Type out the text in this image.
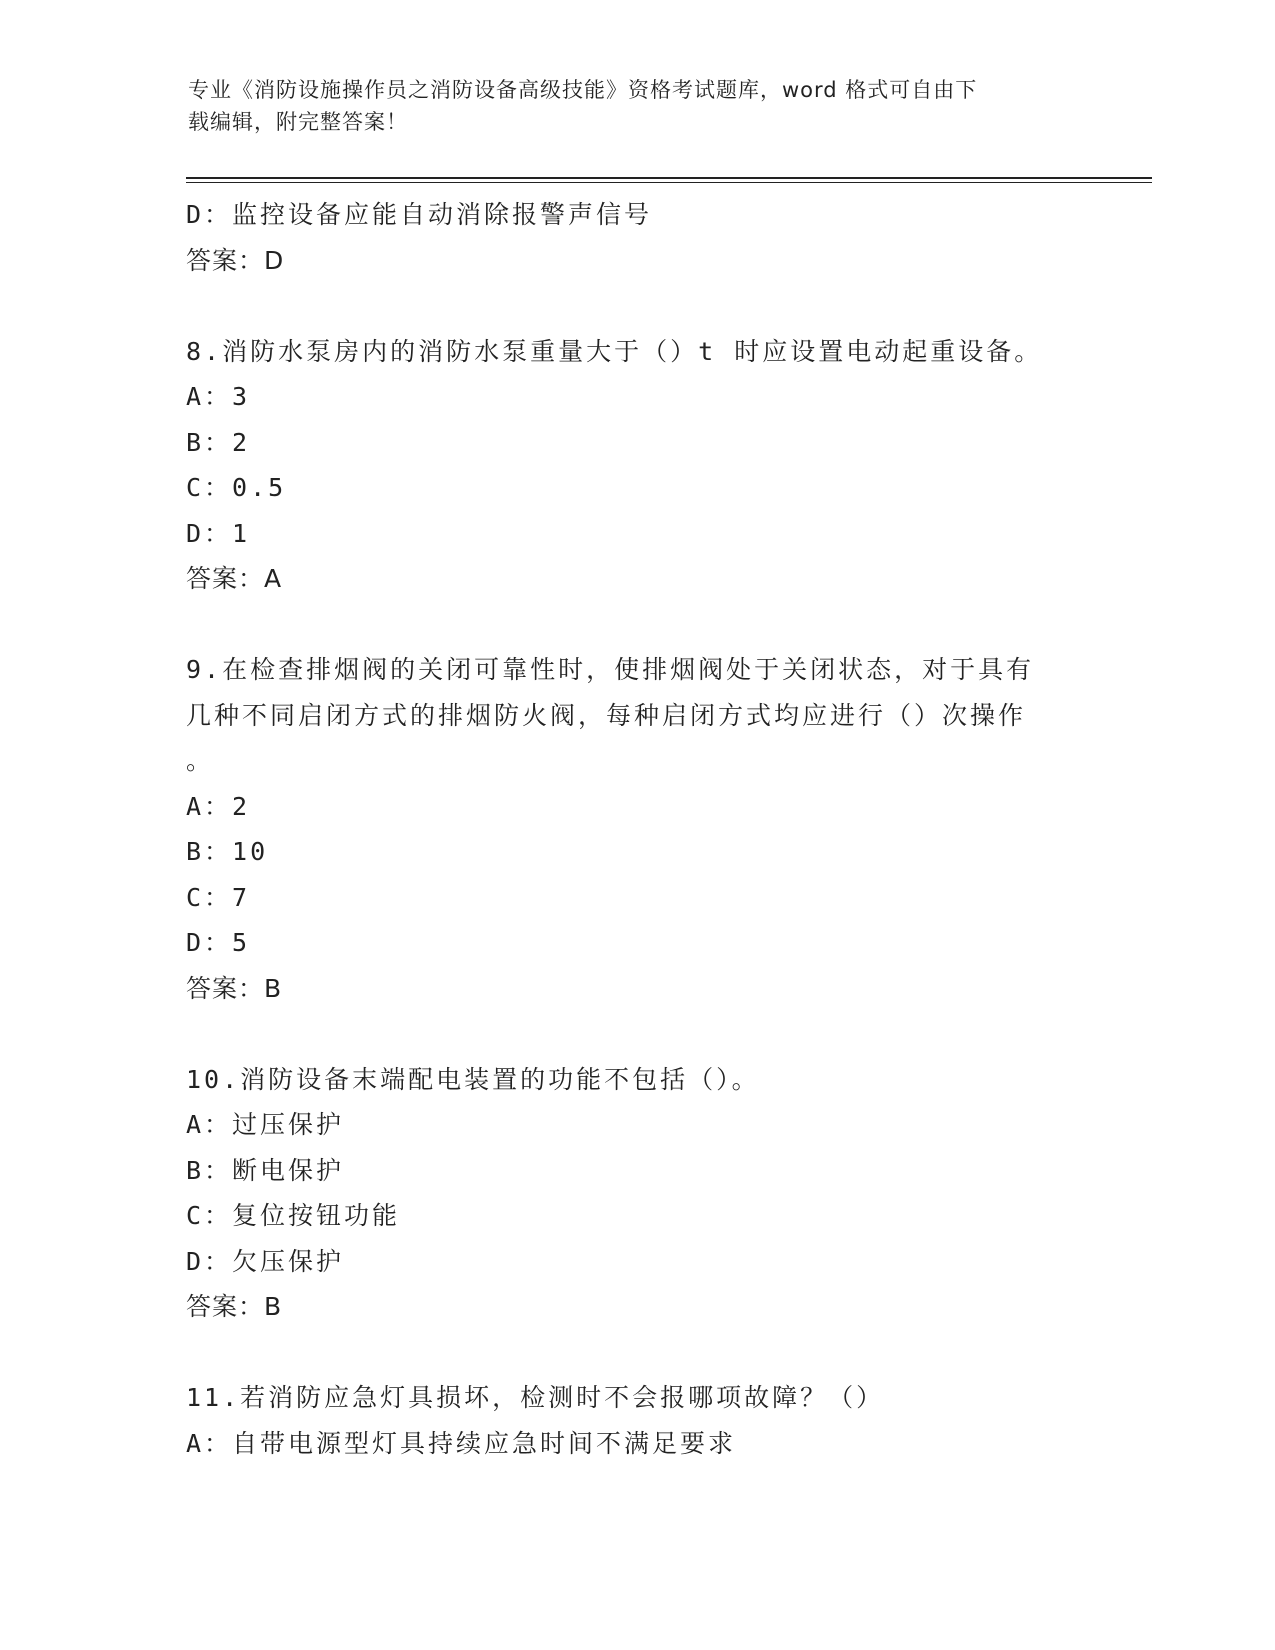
专业《消防设施操作员之消防设备高级技能》资格考试题库，word 格式可自由下
载编辑，附完整答案！
D：监控设备应能自动消除报警声信号
答案：D
8.消防水泵房内的消防水泵重量大于（）t 时应设置电动起重设备。
A：3
B：2
C：0.5
D：1
答案：A
9.在检查排烟阀的关闭可靠性时，使排烟阀处于关闭状态，对于具有
几种不同启闭方式的排烟防火阀，每种启闭方式均应进行（）次操作
。
A：2
B：10
C：7
D：5
答案：B
10.消防设备末端配电装置的功能不包括（）。
A：过压保护
B：断电保护
C：复位按钮功能
D：欠压保护
答案：B
11.若消防应急灯具损坏，检测时不会报哪项故障？（）
A：自带电源型灯具持续应急时间不满足要求
